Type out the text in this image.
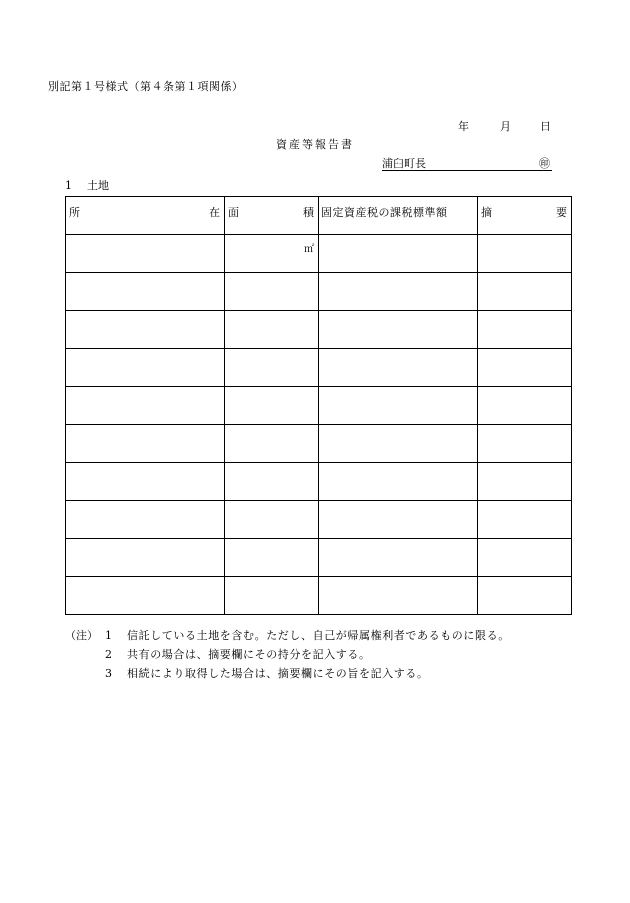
別記第１号様式（第４条第１項関係）
年	月	日
資産等報告書
浦臼町長	㊞
1 土地
所 在	面 積	固定資産税の課税標準額	摘 要

	㎡		

（注） 1 信託している土地を含む。ただし、自己が帰属権利者であるものに限る。
2 共有の場合は、摘要欄にその持分を記入する。
3 相続により取得した場合は、摘要欄にその旨を記入する。
